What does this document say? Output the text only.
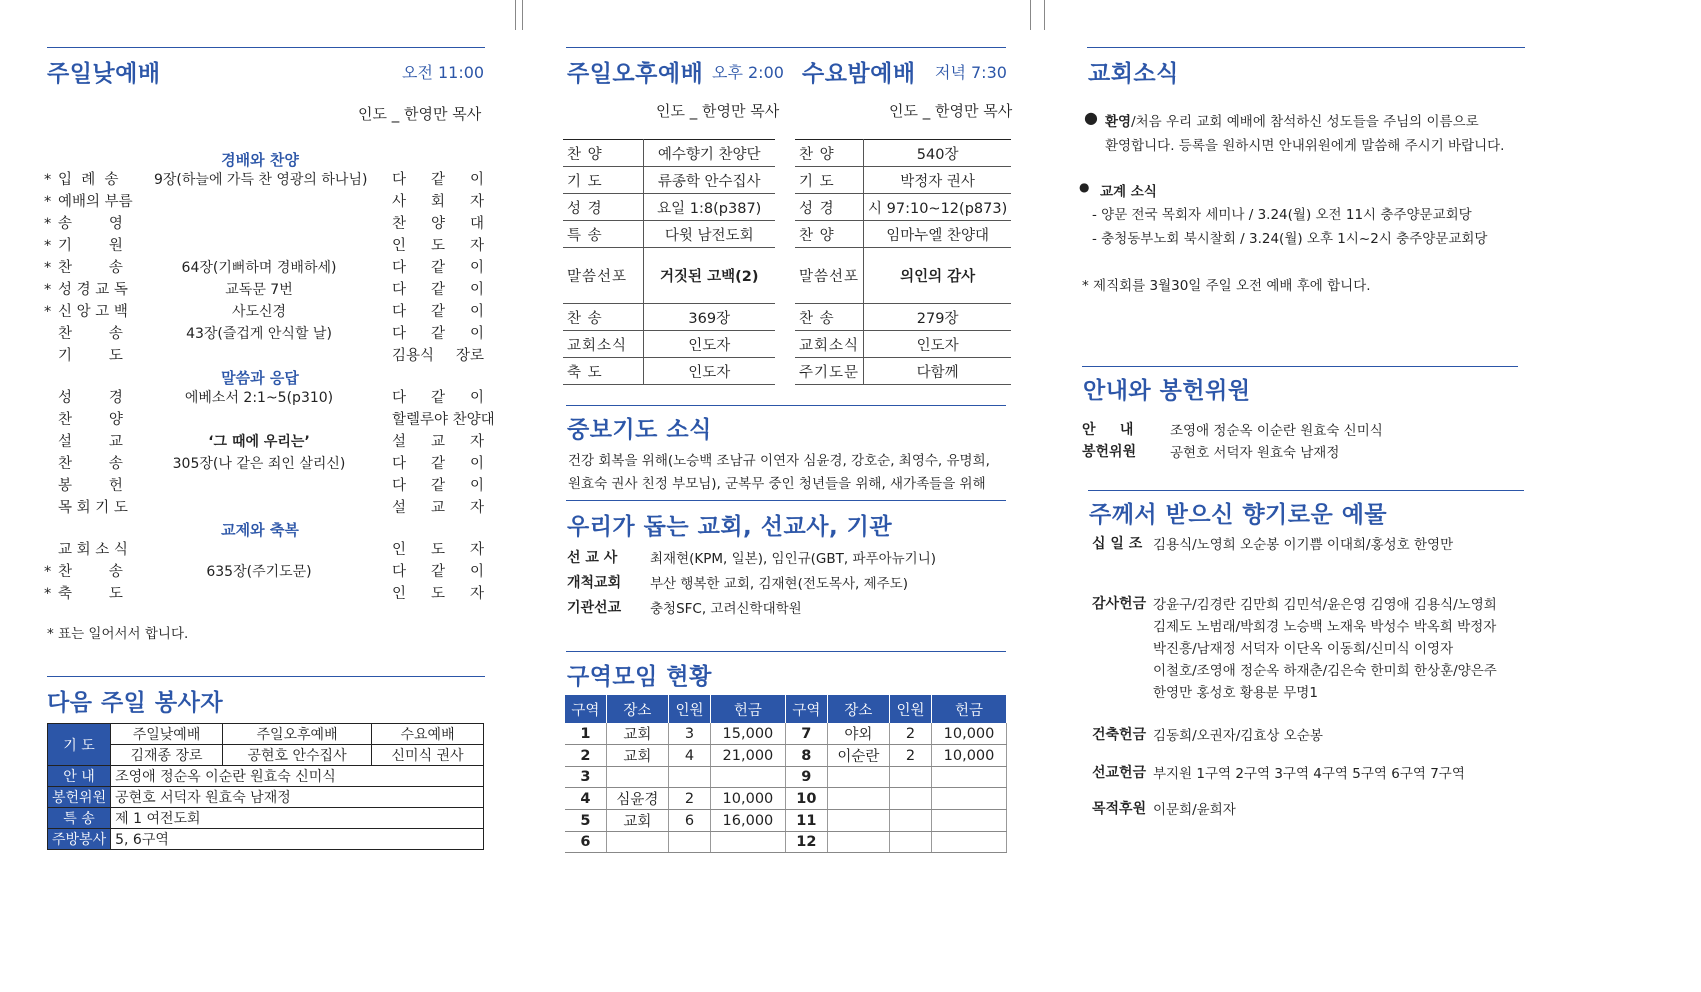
주일낮예배	오전 11:00
인도 _ 한영만 목사
경배와 찬양
* 입  례  송	9장(하늘에 가득 찬 영광의 하나님) 다  같  이
* 예배의 부름	사  회  자
* 송        영	찬  양  대
* 기        원	인  도  자
* 찬        송	64장(기뻐하며 경배하세)	다  같  이
* 성 경 교 독	교독문 7번	다  같  이
* 신 앙 고 백	사도신경	다  같  이
찬        송	43장(즐겁게 안식할 날)	다  같  이
기        도	김용식 장로
성        경	에베소서 2:1~5(p310)	다  같  이
찬        양	할렐루야 찬양대
설        교	‘그 때에 우리는’	설  교  자
찬        송	305장(나 같은 죄인 살리신)	다  같  이
봉        헌	다  같  이
목 회 기 도	설  교  자
교 회 소 식	인  도  자
* 찬        송	635장(주기도문)	다  같  이
* 축        도	인  도  자
말씀과 응답
교제와 축복
* 표는 일어서서 합니다.
다음 주일 봉사자
기 도	주일낮예배	주일오후예배	수요예배
	김재종 장로	공현호 안수집사	신미식 권사
안 내	조영애 정순옥 이순란 원효숙 신미식		
봉헌위원	공현호 서덕자 원효숙 남재정		
특 송	제 1 여전도회		
주방봉사	5, 6구역		
주일오후예배 오후 2:00 수요밤예배 저녁 7:30
인도 _ 한영만 목사	인도 _ 한영만 목사
찬 양	예수향기 찬양단
기 도	류종학 안수집사
성 경	요일 1:8(p387)
특 송	다윗 남전도회
말씀선포	거짓된 고백(2)
찬 송	369장
교회소식	인도자
축 도	인도자
찬 양	540장
기 도	박정자 권사
성 경	시 97:10~12(p873)
찬 양	임마누엘 찬양대
말씀선포	의인의 감사
찬 송	279장
교회소식	인도자
주기도문	다함께
중보기도 소식
건강 회복을 위해(노승백 조남규 이연자 심윤경, 강호순, 최영수, 유명희,
원효숙 권사 친정 부모님), 군복무 중인 청년들을 위해, 새가족들을 위해
우리가 돕는 교회, 선교사, 기관
선 교 사 최재현(KPM, 일본), 임인규(GBT, 파푸아뉴기니)
개척교회 부산 행복한 교회, 김재현(전도목사, 제주도)
기관선교 충청SFC, 고려신학대학원
구역모임 현황
구역	장소	인원	헌금	구역	장소	인원	헌금
1	교회	3	15,000	7	야외	2	10,000
2	교회	4	21,000	8	이순란	2	10,000
3				9			
4	심윤경	2	10,000	10			
5	교회	6	16,000	11			
6				12			
교회소식
● 환영/처음 우리 교회 예배에 참석하신 성도들을 주님의 이름으로
환영합니다. 등록을 원하시면 안내위원에게 말씀해 주시기 바랍니다.
● 교계 소식
- 양문 전국 목회자 세미나 / 3.24(월) 오전 11시 충주양문교회당
- 충청동부노회 북시찰회 / 3.24(월) 오후 1시~2시 충주양문교회당
* 제직회를 3월30일 주일 오전 예배 후에 합니다.
안내와 봉헌위원
안     내	조영애 정순옥 이순란 원효숙 신미식
봉헌위원	공현호 서덕자 원효숙 남재정
주께서 받으신 향기로운 예물
십 일 조 김용식/노영희 오순봉 이기쁨 이대희/홍성호 한영만
감사헌금 강윤구/김경란 김만희 김민석/윤은영 김영애 김용식/노영희
김제도 노범래/박희경 노승백 노재욱 박성수 박옥희 박정자
박진흥/남재정 서덕자 이단옥 이동희/신미식 이영자
이철호/조영애 정순옥 하재춘/김은숙 한미희 한상훈/양은주
한영만 홍성호 황용분 무명1
건축헌금 김동희/오권자/김효상 오순봉
선교헌금 부지원 1구역 2구역 3구역 4구역 5구역 6구역 7구역
목적후원 이문희/윤희자
